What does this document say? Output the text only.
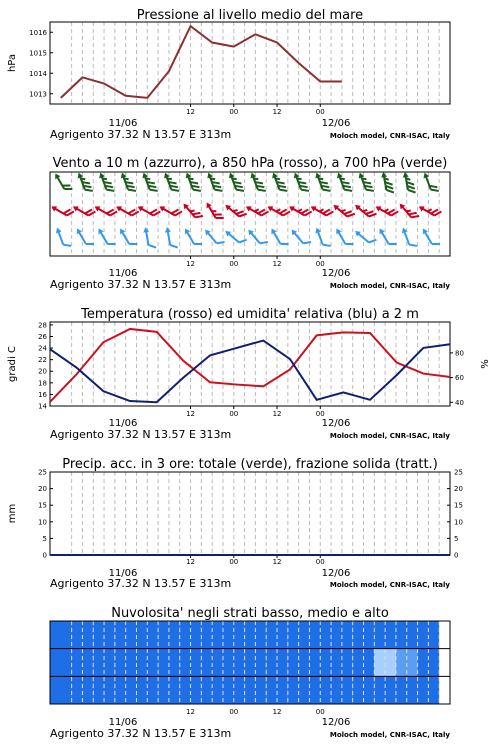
Pressione al livello medio del mare
12	00	12	00
11/06	12/06
Agrigento 37.32 N 13.57 E 313m	Moloch model, CNR-ISAC, Italy
1013
1014
1015
1016
hPa
Vento a 10 m (azzurro), a 850 hPa (rosso), a 700 hPa (verde)
12	00	12	00
11/06	12/06
Agrigento 37.32 N 13.57 E 313m	Moloch model, CNR-ISAC, Italy
Temperatura (rosso) ed umidita' relativa (blu) a 2 m
12	00	12	00
11/06	12/06
Agrigento 37.32 N 13.57 E 313m	Moloch model, CNR-ISAC, Italy
14
16
18
20
22
24
26
28
40
60
80
gradi C	%
Precip. acc. in 3 ore: totale (verde), frazione solida (tratt.)
12	00	12	00
11/06	12/06
Agrigento 37.32 N 13.57 E 313m	Moloch model, CNR-ISAC, Italy
0	0
5	5
10	10
15	15
20	20
25	25
mm
Nuvolosita' negli strati basso, medio e alto
12	00	12	00
11/06	12/06
Agrigento 37.32 N 13.57 E 313m	Moloch model, CNR-ISAC, Italy
